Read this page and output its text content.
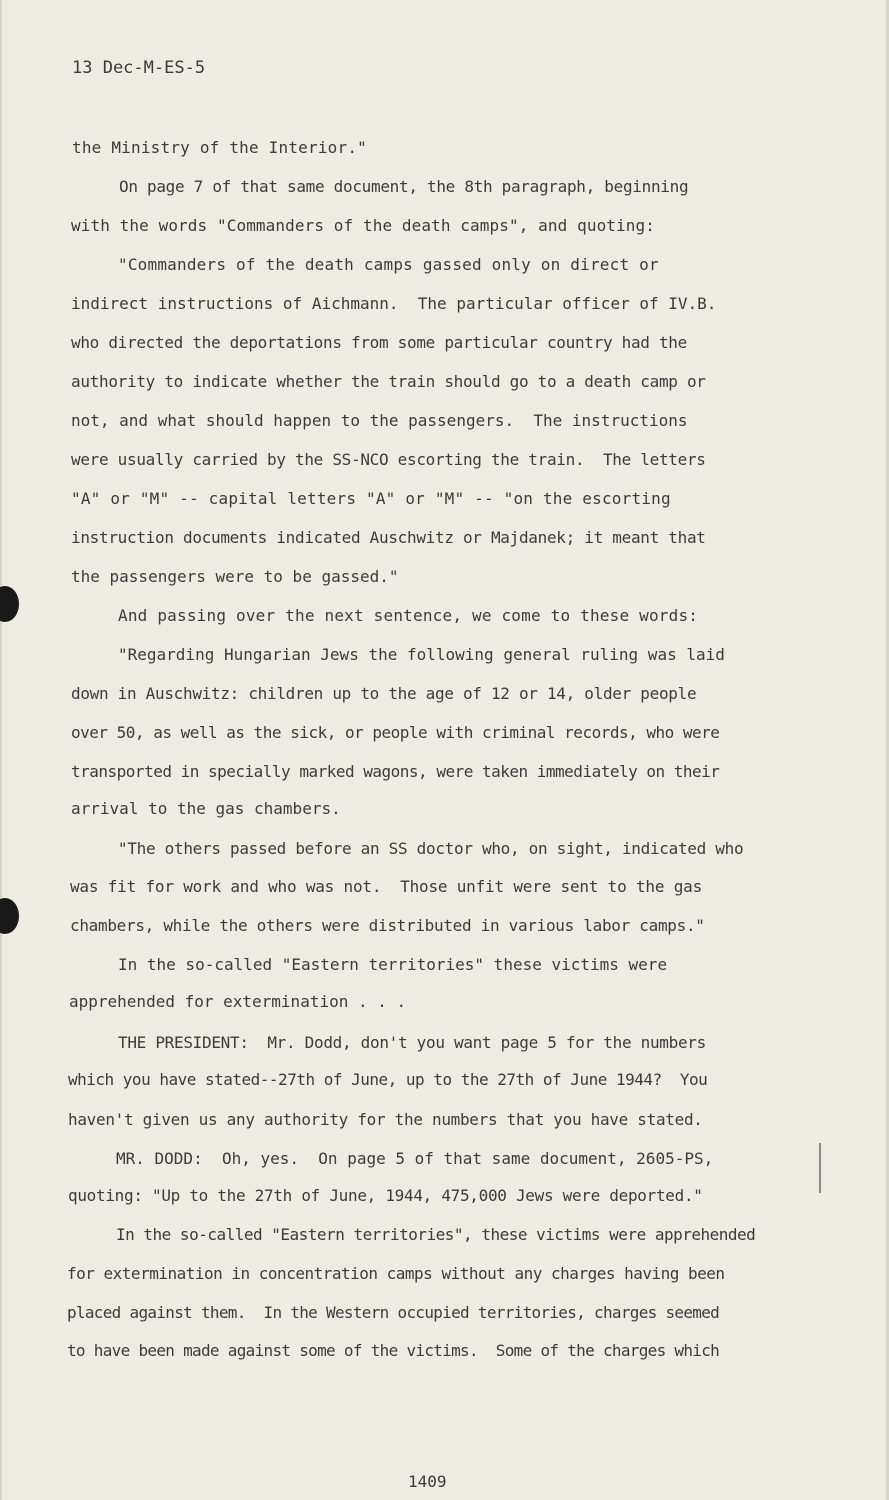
13 Dec-M-ES-5
the Ministry of the Interior."
On page 7 of that same document, the 8th paragraph, beginning
with the words "Commanders of the death camps", and quoting:
"Commanders of the death camps gassed only on direct or
indirect instructions of Aichmann.  The particular officer of IV.B.
who directed the deportations from some particular country had the
authority to indicate whether the train should go to a death camp or
not, and what should happen to the passengers.  The instructions
were usually carried by the SS-NCO escorting the train.  The letters
"A" or "M" -- capital letters "A" or "M" -- "on the escorting
instruction documents indicated Auschwitz or Majdanek; it meant that
the passengers were to be gassed."
And passing over the next sentence, we come to these words:
"Regarding Hungarian Jews the following general ruling was laid
down in Auschwitz: children up to the age of 12 or 14, older people
over 50, as well as the sick, or people with criminal records, who were
transported in specially marked wagons, were taken immediately on their
arrival to the gas chambers.
"The others passed before an SS doctor who, on sight, indicated who
was fit for work and who was not.  Those unfit were sent to the gas
chambers, while the others were distributed in various labor camps."
In the so-called "Eastern territories" these victims were
apprehended for extermination . . .
THE PRESIDENT:  Mr. Dodd, don't you want page 5 for the numbers
which you have stated--27th of June, up to the 27th of June 1944?  You
haven't given us any authority for the numbers that you have stated.
MR. DODD:  Oh, yes.  On page 5 of that same document, 2605-PS,
quoting: "Up to the 27th of June, 1944, 475,000 Jews were deported."
In the so-called "Eastern territories", these victims were apprehended
for extermination in concentration camps without any charges having been
placed against them.  In the Western occupied territories, charges seemed
to have been made against some of the victims.  Some of the charges which
1409
